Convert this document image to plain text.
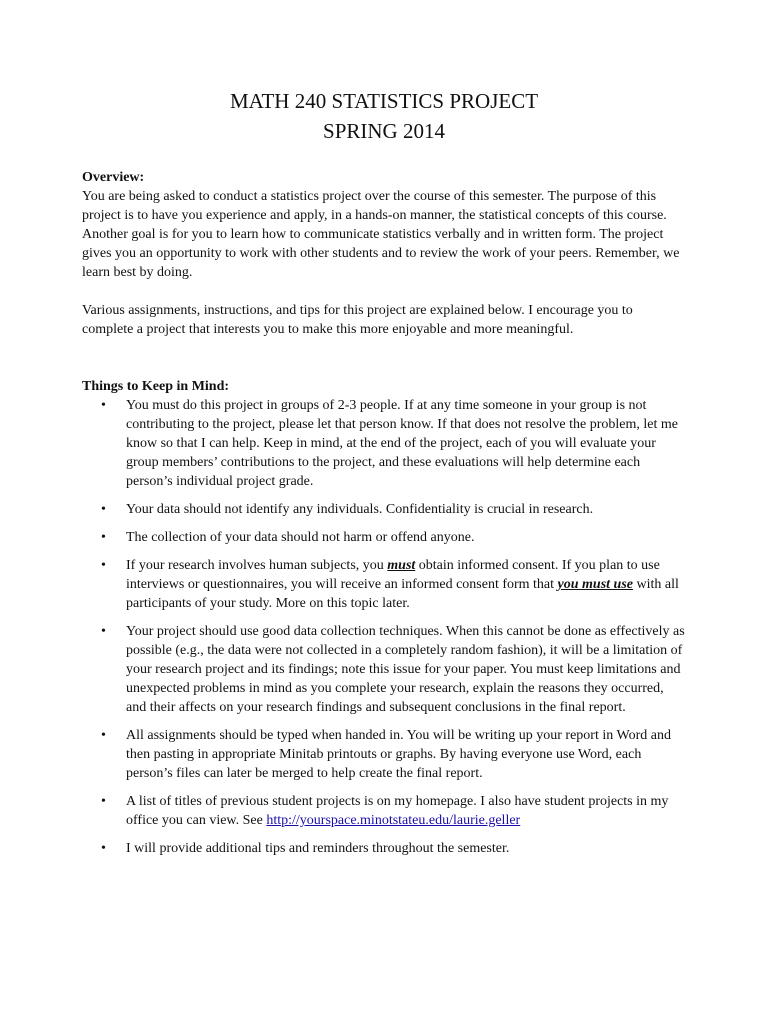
MATH 240 STATISTICS PROJECT
SPRING 2014

Overview:

You are being asked to conduct a statistics project over the course of this semester. The purpose of this project is to have you experience and apply, in a hands-on manner, the statistical concepts of this course. Another goal is for you to learn how to communicate statistics verbally and in written form. The project gives you an opportunity to work with other students and to review the work of your peers. Remember, we learn best by doing.

Various assignments, instructions, and tips for this project are explained below. I encourage you to complete a project that interests you to make this more enjoyable and more meaningful.

Things to Keep in Mind:

• You must do this project in groups of 2-3 people. If at any time someone in your group is not contributing to the project, please let that person know. If that does not resolve the problem, let me know so that I can help. Keep in mind, at the end of the project, each of you will evaluate your group members’ contributions to the project, and these evaluations will help determine each person’s individual project grade.
• Your data should not identify any individuals. Confidentiality is crucial in research.
• The collection of your data should not harm or offend anyone.
• If your research involves human subjects, you must obtain informed consent. If you plan to use interviews or questionnaires, you will receive an informed consent form that you must use with all participants of your study. More on this topic later.
• Your project should use good data collection techniques. When this cannot be done as effectively as possible (e.g., the data were not collected in a completely random fashion), it will be a limitation of your research project and its findings; note this issue for your paper. You must keep limitations and unexpected problems in mind as you complete your research, explain the reasons they occurred, and their affects on your research findings and subsequent conclusions in the final report.
• All assignments should be typed when handed in. You will be writing up your report in Word and then pasting in appropriate Minitab printouts or graphs. By having everyone use Word, each person’s files can later be merged to help create the final report.
• A list of titles of previous student projects is on my homepage. I also have student projects in my office you can view. See http://yourspace.minotstateu.edu/laurie.geller
• I will provide additional tips and reminders throughout the semester.
